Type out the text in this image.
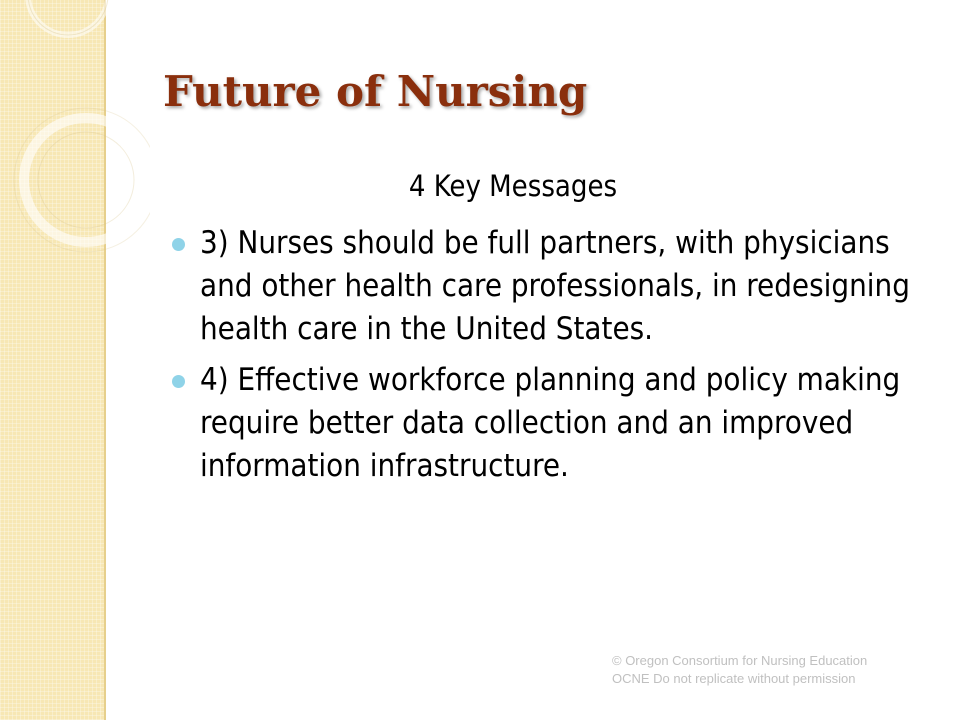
Future of Nursing
4 Key Messages
3) Nurses should be full partners, with physicians and other health care professionals, in redesigning health care in the United States.
4) Effective workforce planning and policy making require better data collection and an improved information infrastructure.
© Oregon Consortium for Nursing Education OCNE Do not replicate without permission
